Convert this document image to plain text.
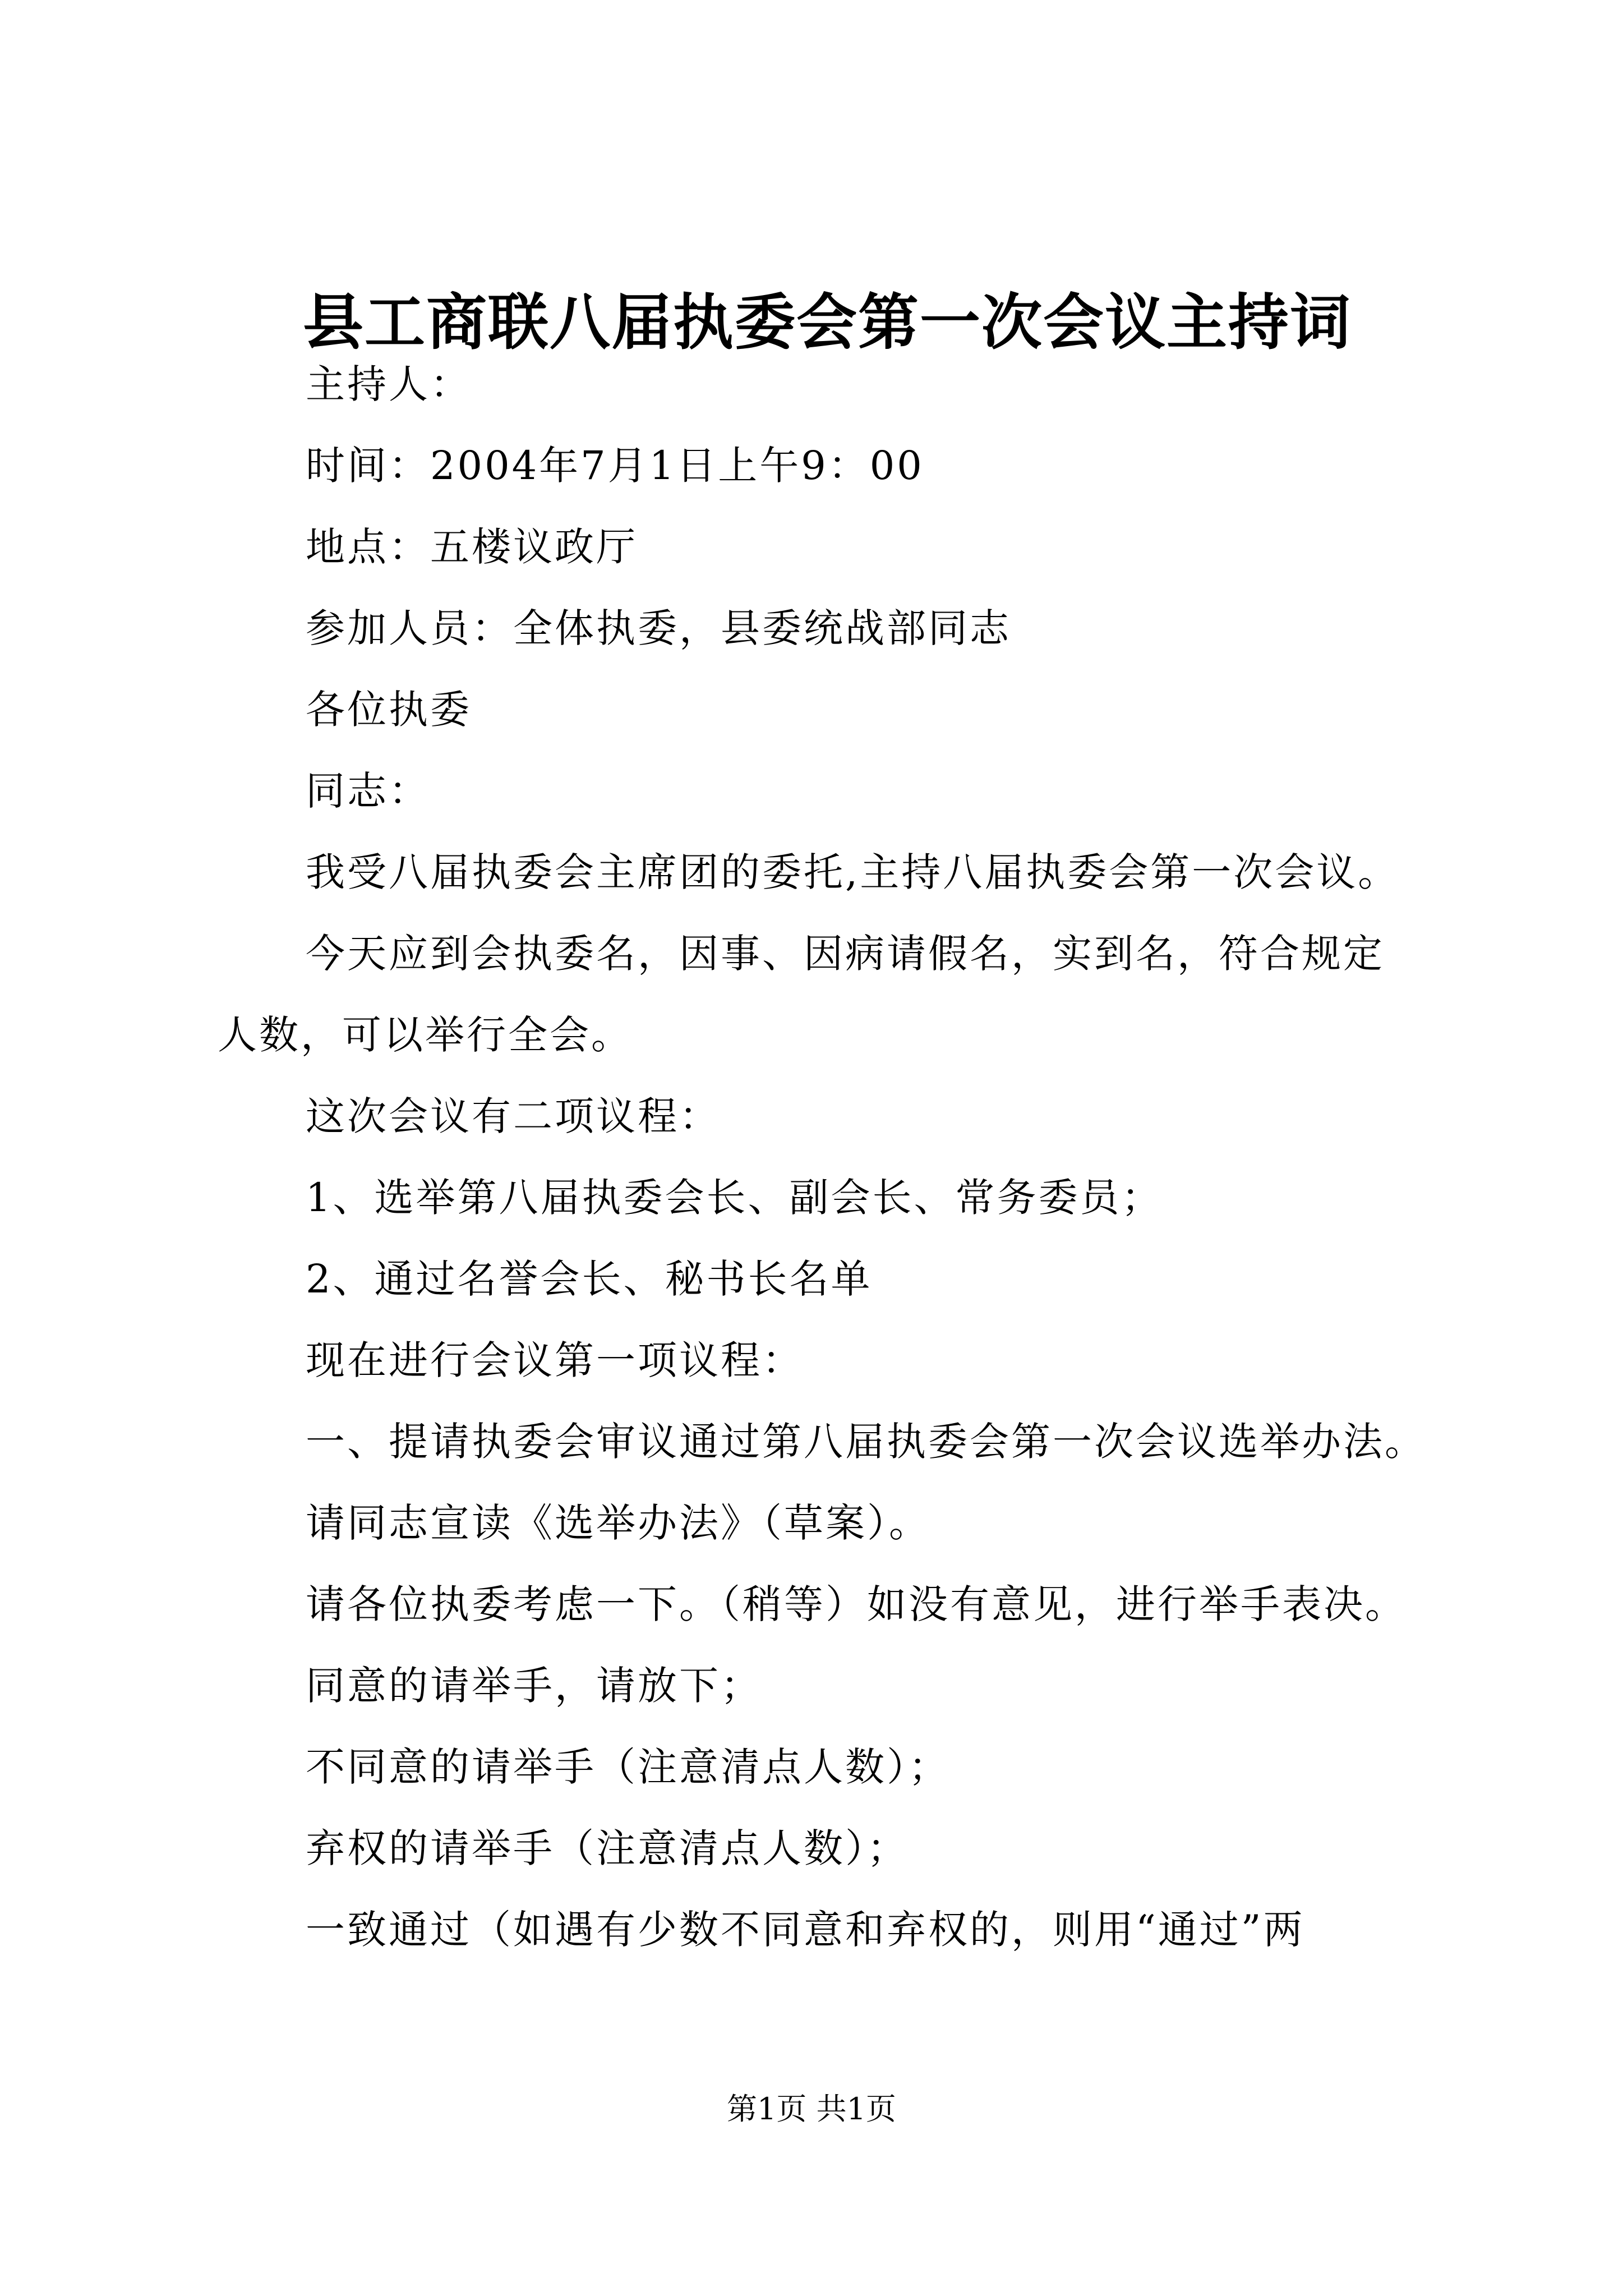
县工商联八届执委会第一次会议主持词
主持人：
时间：2004年7月1日上午9：00
地点：五楼议政厅
参加人员：全体执委，县委统战部同志
各位执委
同志：
我受八届执委会主席团的委托,主持八届执委会第一次会议。
今天应到会执委名，因事、因病请假名，实到名，符合规定
人数，可以举行全会。
这次会议有二项议程：
1、选举第八届执委会长、副会长、常务委员；
2、通过名誉会长、秘书长名单
现在进行会议第一项议程：
一、提请执委会审议通过第八届执委会第一次会议选举办法。
请同志宣读《选举办法》（草案）。
请各位执委考虑一下。（稍等）如没有意见，进行举手表决。
同意的请举手，请放下；
不同意的请举手（注意清点人数）；
弃权的请举手（注意清点人数）；
一致通过（如遇有少数不同意和弃权的，则用“通过”两
第1页 共1页
